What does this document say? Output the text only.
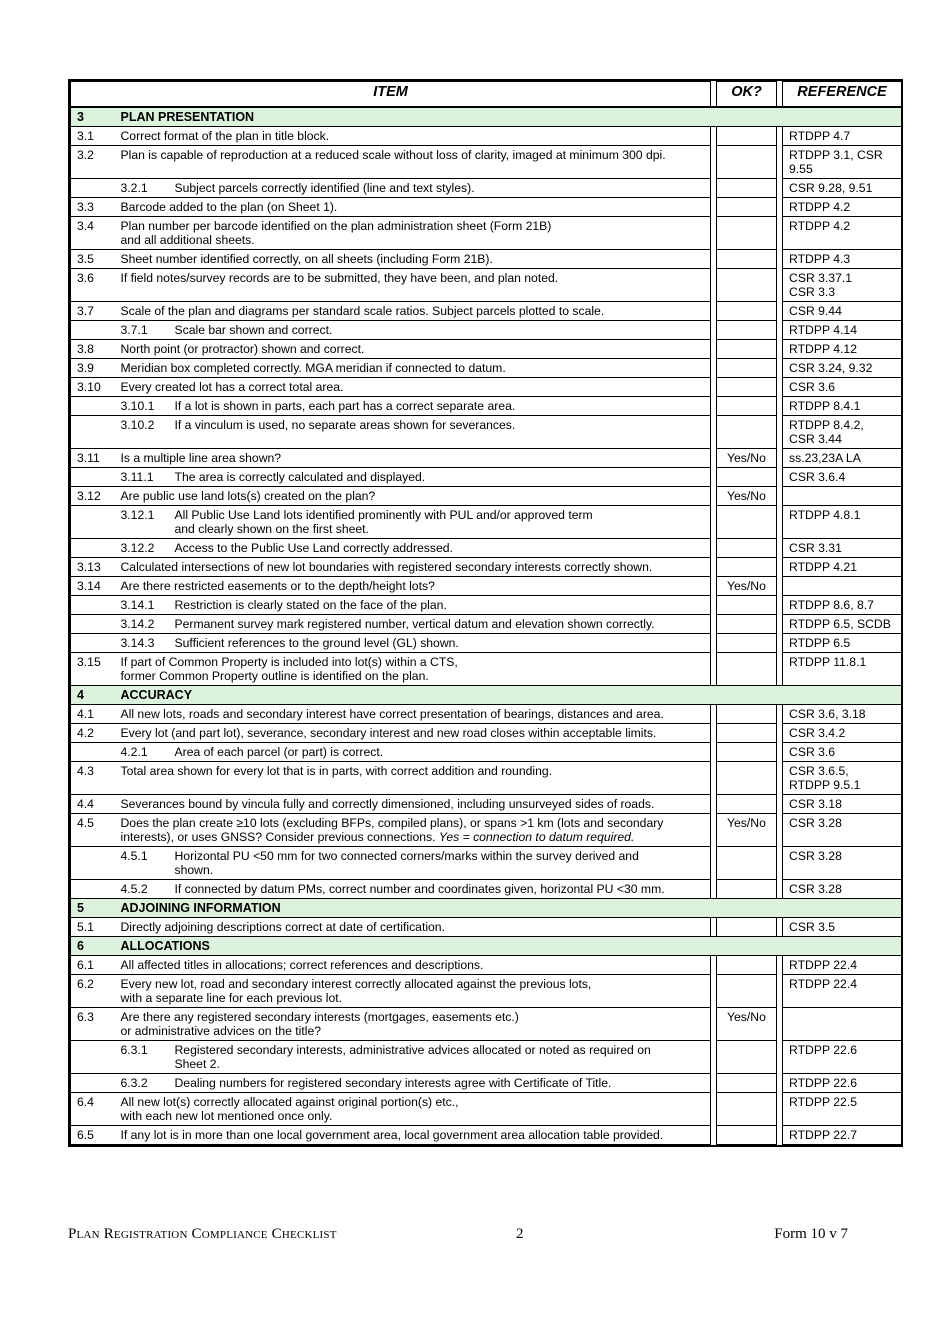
ITEM			OK?		REFERENCE
3	PLAN PRESENTATION				
3.1	Correct format of the plan in title block.				RTDPP 4.7
3.2	Plan is capable of reproduction at a reduced scale without loss of clarity, imaged at minimum 300 dpi.				RTDPP 3.1, CSR 9.55

	3.2.1 Subject parcels correctly identified (line and text styles).				CSR 9.28, 9.51
3.3	Barcode added to the plan (on Sheet 1).				RTDPP 4.2
3.4	Plan number per barcode identified on the plan administration sheet (Form 21B)
and all additional sheets.				RTDPP 4.2
3.5	Sheet number identified correctly, on all sheets (including Form 21B).				RTDPP 4.3
3.6	If field notes/survey records are to be submitted, they have been, and plan noted.				CSR 3.37.1
CSR 3.3
3.7	Scale of the plan and diagrams per standard scale ratios. Subject parcels plotted to scale.				CSR 9.44

	3.7.1 Scale bar shown and correct.				RTDPP 4.14
3.8	North point (or protractor) shown and correct.				RTDPP 4.12
3.9	Meridian box completed correctly. MGA meridian if connected to datum.				CSR 3.24, 9.32
3.10	Every created lot has a correct total area.				CSR 3.6

	3.10.1 If a lot is shown in parts, each part has a correct separate area.				RTDPP 8.4.1

	3.10.2 If a vinculum is used, no separate areas shown for severances.				RTDPP 8.4.2,
CSR 3.44
3.11	Is a multiple line area shown?		Yes/No		ss.23,23A LA

	3.11.1 The area is correctly calculated and displayed.				CSR 3.6.4
3.12	Are public use land lots(s) created on the plan?		Yes/No		

	3.12.1 All Public Use Land lots identified prominently with PUL and/or approved term
and clearly shown on the first sheet.				RTDPP 4.8.1

	3.12.2 Access to the Public Use Land correctly addressed.				CSR 3.31
3.13	Calculated intersections of new lot boundaries with registered secondary interests correctly shown.				RTDPP 4.21
3.14	Are there restricted easements or to the depth/height lots?		Yes/No		

	3.14.1 Restriction is clearly stated on the face of the plan.				RTDPP 8.6, 8.7

	3.14.2 Permanent survey mark registered number, vertical datum and elevation shown correctly.				RTDPP 6.5, SCDB

	3.14.3 Sufficient references to the ground level (GL) shown.				RTDPP 6.5
3.15	If part of Common Property is included into lot(s) within a CTS,
former Common Property outline is identified on the plan.				RTDPP 11.8.1
4	ACCURACY				
4.1	All new lots, roads and secondary interest have correct presentation of bearings, distances and area.				CSR 3.6, 3.18
4.2	Every lot (and part lot), severance, secondary interest and new road closes within acceptable limits.				CSR 3.4.2

	4.2.1 Area of each parcel (or part) is correct.				CSR 3.6
4.3	Total area shown for every lot that is in parts, with correct addition and rounding.				CSR 3.6.5,
RTDPP 9.5.1
4.4	Severances bound by vincula fully and correctly dimensioned, including unsurveyed sides of roads.				CSR 3.18
4.5	Does the plan create ≥10 lots (excluding BFPs, compiled plans), or spans >1 km (lots and secondary
interests), or uses GNSS? Consider previous connections. Yes = connection to datum required.		Yes/No		CSR 3.28

	4.5.1 Horizontal PU <50 mm for two connected corners/marks within the survey derived and
shown.				CSR 3.28

	4.5.2 If connected by datum PMs, correct number and coordinates given, horizontal PU <30 mm.				CSR 3.28
5	ADJOINING INFORMATION				
5.1	Directly adjoining descriptions correct at date of certification.				CSR 3.5
6	ALLOCATIONS				
6.1	All affected titles in allocations; correct references and descriptions.				RTDPP 22.4
6.2	Every new lot, road and secondary interest correctly allocated against the previous lots,
with a separate line for each previous lot.				RTDPP 22.4
6.3	Are there any registered secondary interests (mortgages, easements etc.)
or administrative advices on the title?		Yes/No		

	6.3.1 Registered secondary interests, administrative advices allocated or noted as required on
Sheet 2.				RTDPP 22.6

	6.3.2 Dealing numbers for registered secondary interests agree with Certificate of Title.				RTDPP 22.6
6.4	All new lot(s) correctly allocated against original portion(s) etc.,
with each new lot mentioned once only.				RTDPP 22.5
6.5	If any lot is in more than one local government area, local government area allocation table provided.				RTDPP 22.7
Plan Registration Compliance Checklist	2	Form 10 v 7
